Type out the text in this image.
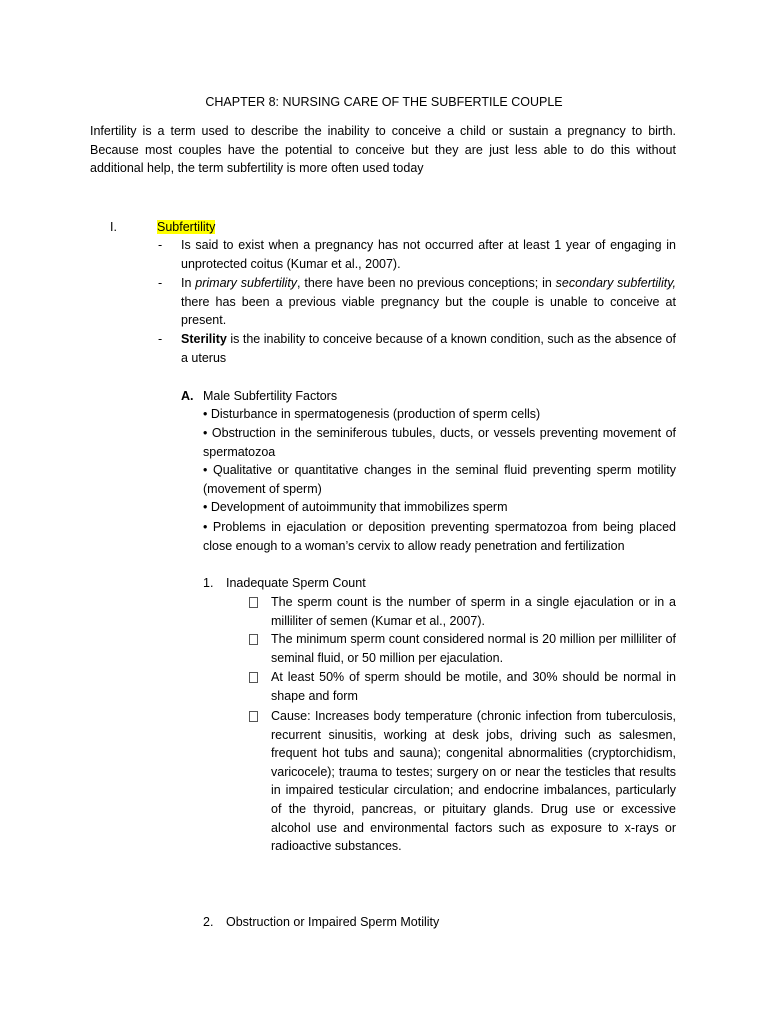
CHAPTER 8: NURSING CARE OF THE SUBFERTILE COUPLE
Infertility is a term used to describe the inability to conceive a child or sustain a pregnancy to birth. Because most couples have the potential to conceive but they are just less able to do this without additional help, the term subfertility is more often used today
I.	Subfertility
- Is said to exist when a pregnancy has not occurred after at least 1 year of engaging in unprotected coitus (Kumar et al., 2007).
- In primary subfertility, there have been no previous conceptions; in secondary subfertility, there has been a previous viable pregnancy but the couple is unable to conceive at present.
- Sterility is the inability to conceive because of a known condition, such as the absence of a uterus
A. Male Subfertility Factors
• Disturbance in spermatogenesis (production of sperm cells)
• Obstruction in the seminiferous tubules, ducts, or vessels preventing movement of spermatozoa
• Qualitative or quantitative changes in the seminal fluid preventing sperm motility (movement of sperm)
• Development of autoimmunity that immobilizes sperm
• Problems in ejaculation or deposition preventing spermatozoa from being placed close enough to a woman’s cervix to allow ready penetration and fertilization
1. Inadequate Sperm Count
The sperm count is the number of sperm in a single ejaculation or in a milliliter of semen (Kumar et al., 2007).
The minimum sperm count considered normal is 20 million per milliliter of seminal fluid, or 50 million per ejaculation.
At least 50% of sperm should be motile, and 30% should be normal in shape and form
Cause: Increases body temperature (chronic infection from tuberculosis, recurrent sinusitis, working at desk jobs, driving such as salesmen, frequent hot tubs and sauna); congenital abnormalities (cryptorchidism, varicocele); trauma to testes; surgery on or near the testicles that results in impaired testicular circulation; and endocrine imbalances, particularly of the thyroid, pancreas, or pituitary glands. Drug use or excessive alcohol use and environmental factors such as exposure to x-rays or radioactive substances.
2. Obstruction or Impaired Sperm Motility
